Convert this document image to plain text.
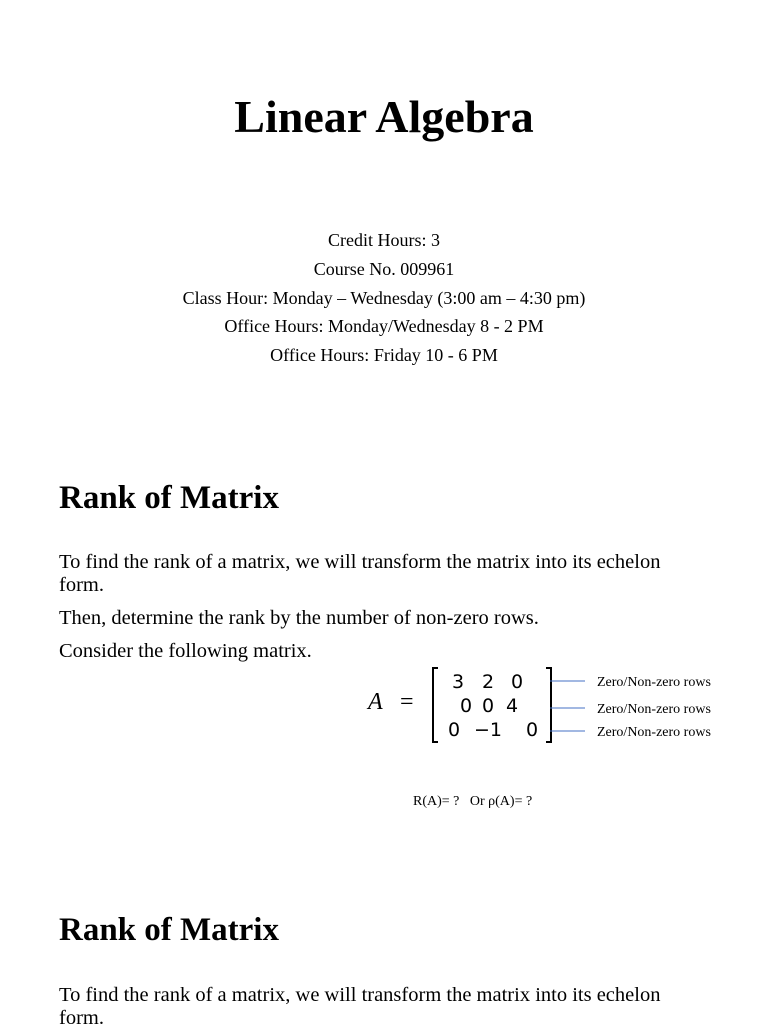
Linear Algebra
Credit Hours: 3
Course No. 009961
Class Hour: Monday – Wednesday (3:00 am – 4:30 pm)
Office Hours: Monday/Wednesday 8 - 2 PM
Office Hours: Friday 10 - 6 PM
Rank of Matrix
To find the rank of a matrix, we will transform the matrix into its echelon form.
Then, determine the rank by the number of non-zero rows.
Consider the following matrix.
A =
3 2 0
0 0 4
0 −1 0
Zero/Non-zero rows
Zero/Non-zero rows
Zero/Non-zero rows
R(A)= ?   Or ρ(A)= ?
Rank of Matrix
To find the rank of a matrix, we will transform the matrix into its echelon form.
